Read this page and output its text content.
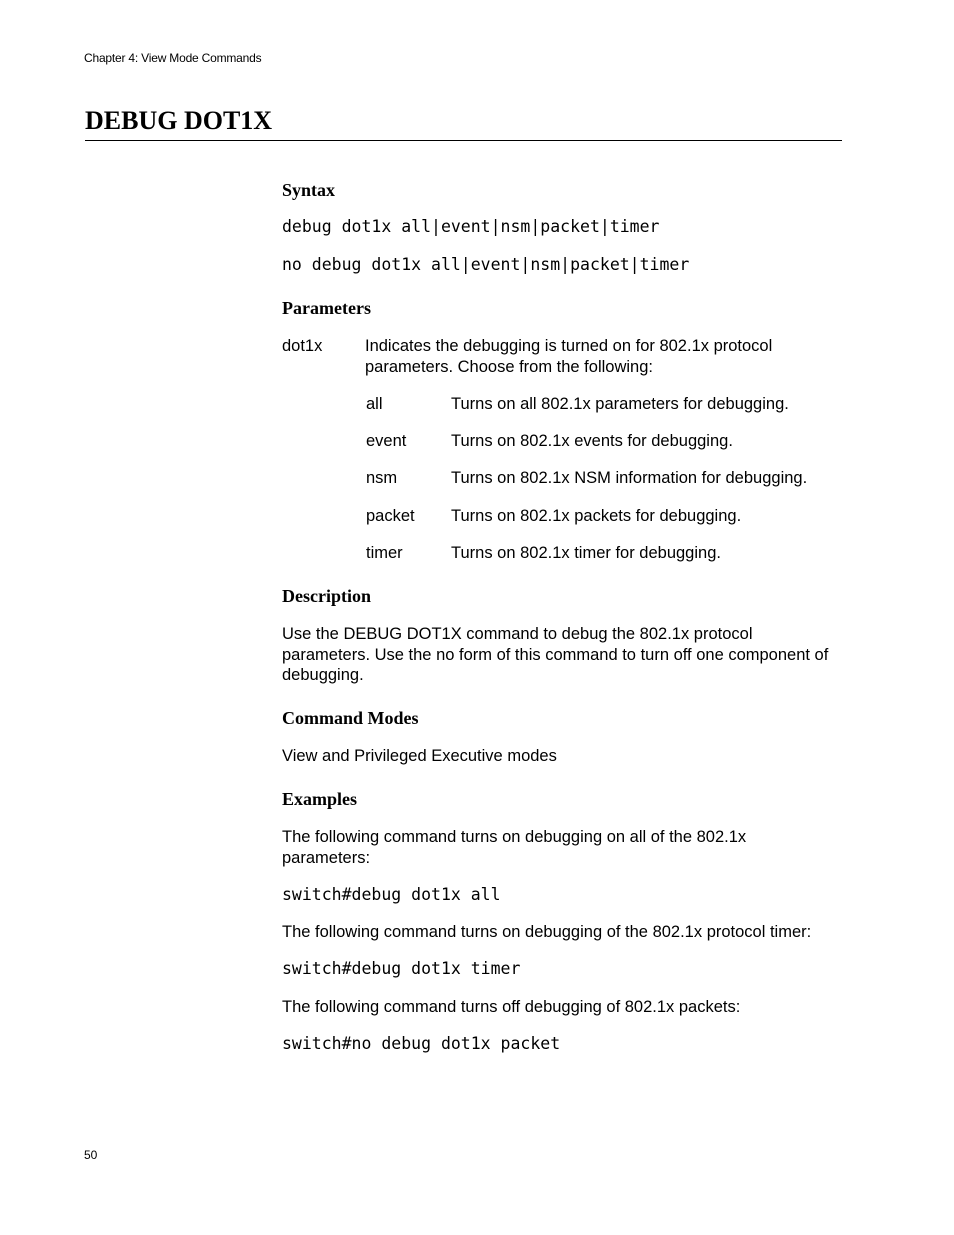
Chapter 4: View Mode Commands
DEBUG DOT1X
Syntax
debug dot1x all|event|nsm|packet|timer
no debug dot1x all|event|nsm|packet|timer
Parameters
dot1x	Indicates the debugging is turned on for 802.1x protocol parameters. Choose from the following:
all	Turns on all 802.1x parameters for debugging.
event	Turns on 802.1x events for debugging.
nsm	Turns on 802.1x NSM information for debugging.
packet Turns on 802.1x packets for debugging.
timer	Turns on 802.1x timer for debugging.
Description
Use the DEBUG DOT1X command to debug the 802.1x protocol parameters. Use the no form of this command to turn off one component of debugging.
Command Modes
View and Privileged Executive modes
Examples
The following command turns on debugging on all of the 802.1x parameters:
switch#debug dot1x all
The following command turns on debugging of the 802.1x protocol timer:
switch#debug dot1x timer
The following command turns off debugging of 802.1x packets:
switch#no debug dot1x packet
50
